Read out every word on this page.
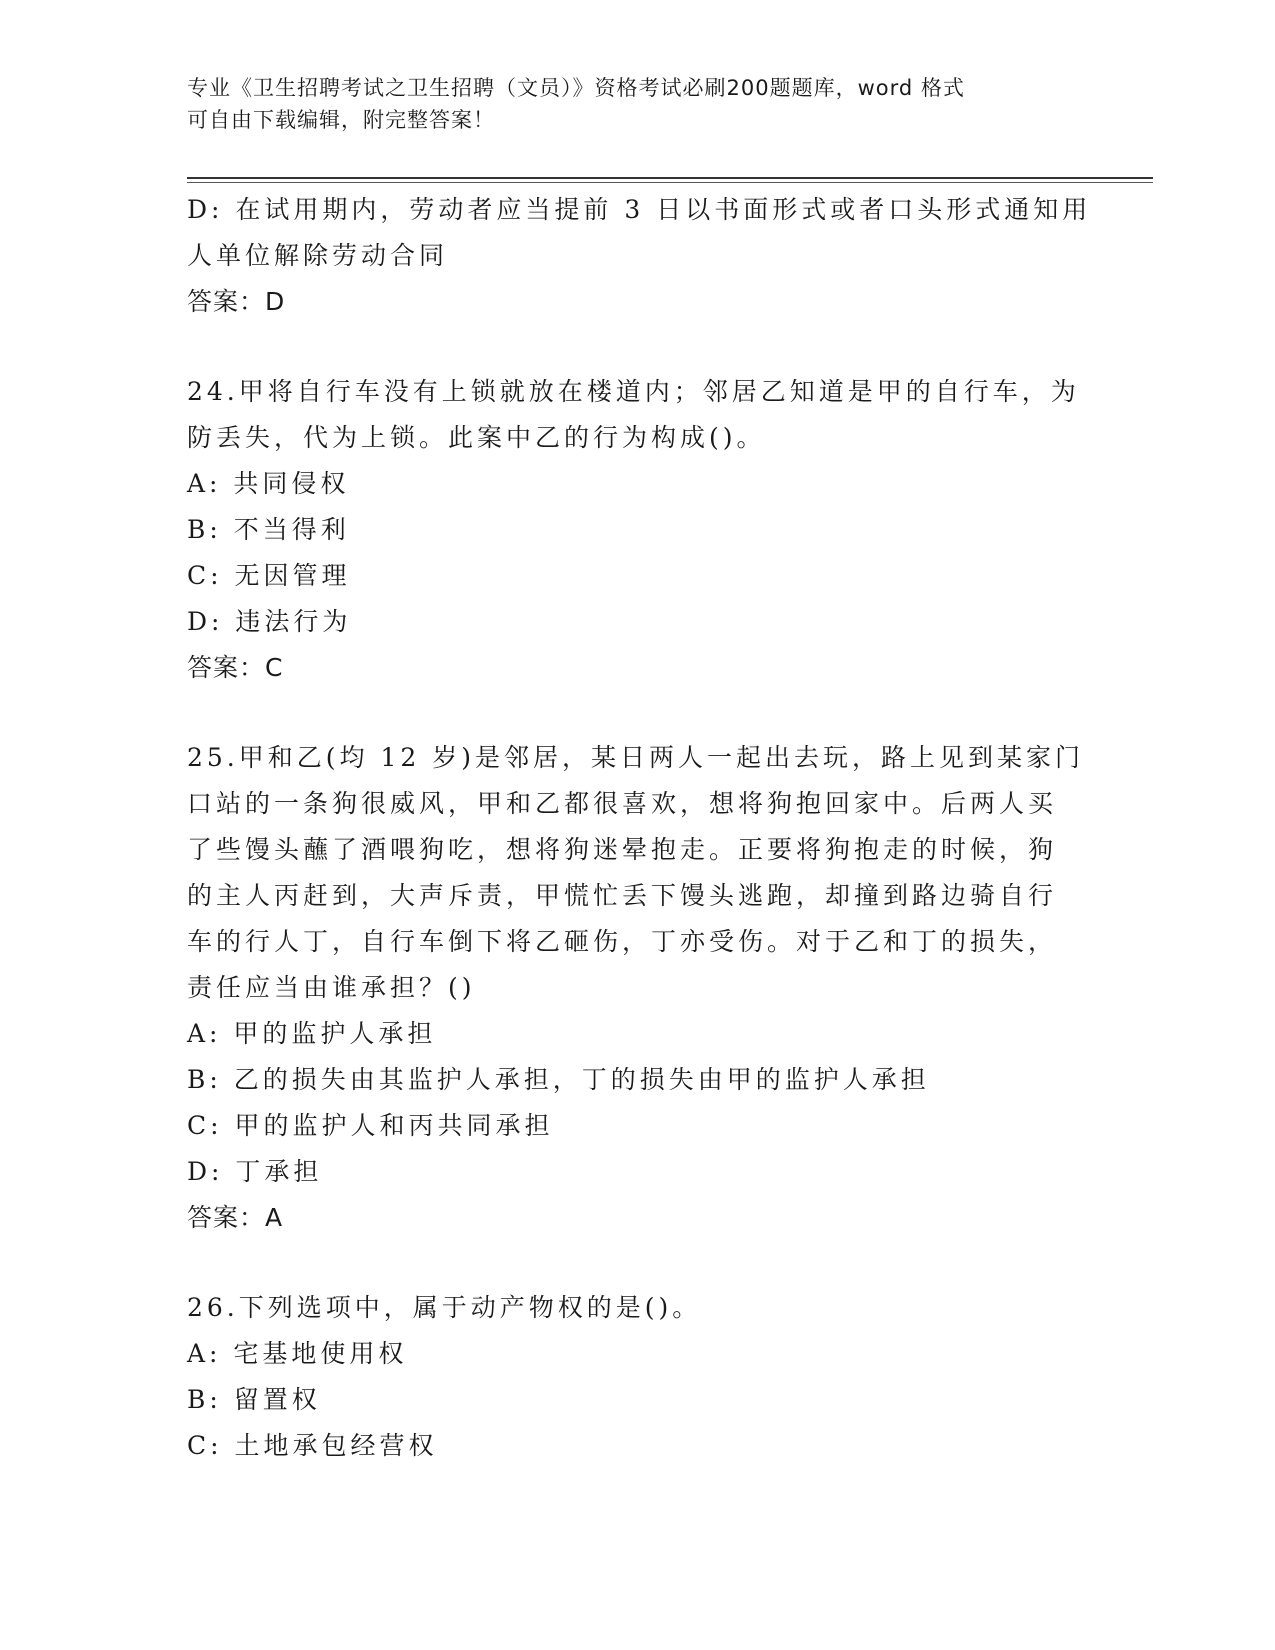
专业《卫生招聘考试之卫生招聘（文员）》资格考试必刷200题题库，word 格式
可自由下载编辑，附完整答案！
D: 在试用期内，劳动者应当提前 3 日以书面形式或者口头形式通知用
人单位解除劳动合同
答案：D
24.甲将自行车没有上锁就放在楼道内；邻居乙知道是甲的自行车，为
防丢失，代为上锁。此案中乙的行为构成()。
A: 共同侵权
B: 不当得利
C: 无因管理
D: 违法行为
答案：C
25.甲和乙(均 12 岁)是邻居，某日两人一起出去玩，路上见到某家门
口站的一条狗很威风，甲和乙都很喜欢，想将狗抱回家中。后两人买
了些馒头蘸了酒喂狗吃，想将狗迷晕抱走。正要将狗抱走的时候，狗
的主人丙赶到，大声斥责，甲慌忙丢下馒头逃跑，却撞到路边骑自行
车的行人丁，自行车倒下将乙砸伤，丁亦受伤。对于乙和丁的损失，
责任应当由谁承担？()
A: 甲的监护人承担
B: 乙的损失由其监护人承担，丁的损失由甲的监护人承担
C: 甲的监护人和丙共同承担
D: 丁承担
答案：A
26.下列选项中，属于动产物权的是()。
A: 宅基地使用权
B: 留置权
C: 土地承包经营权
